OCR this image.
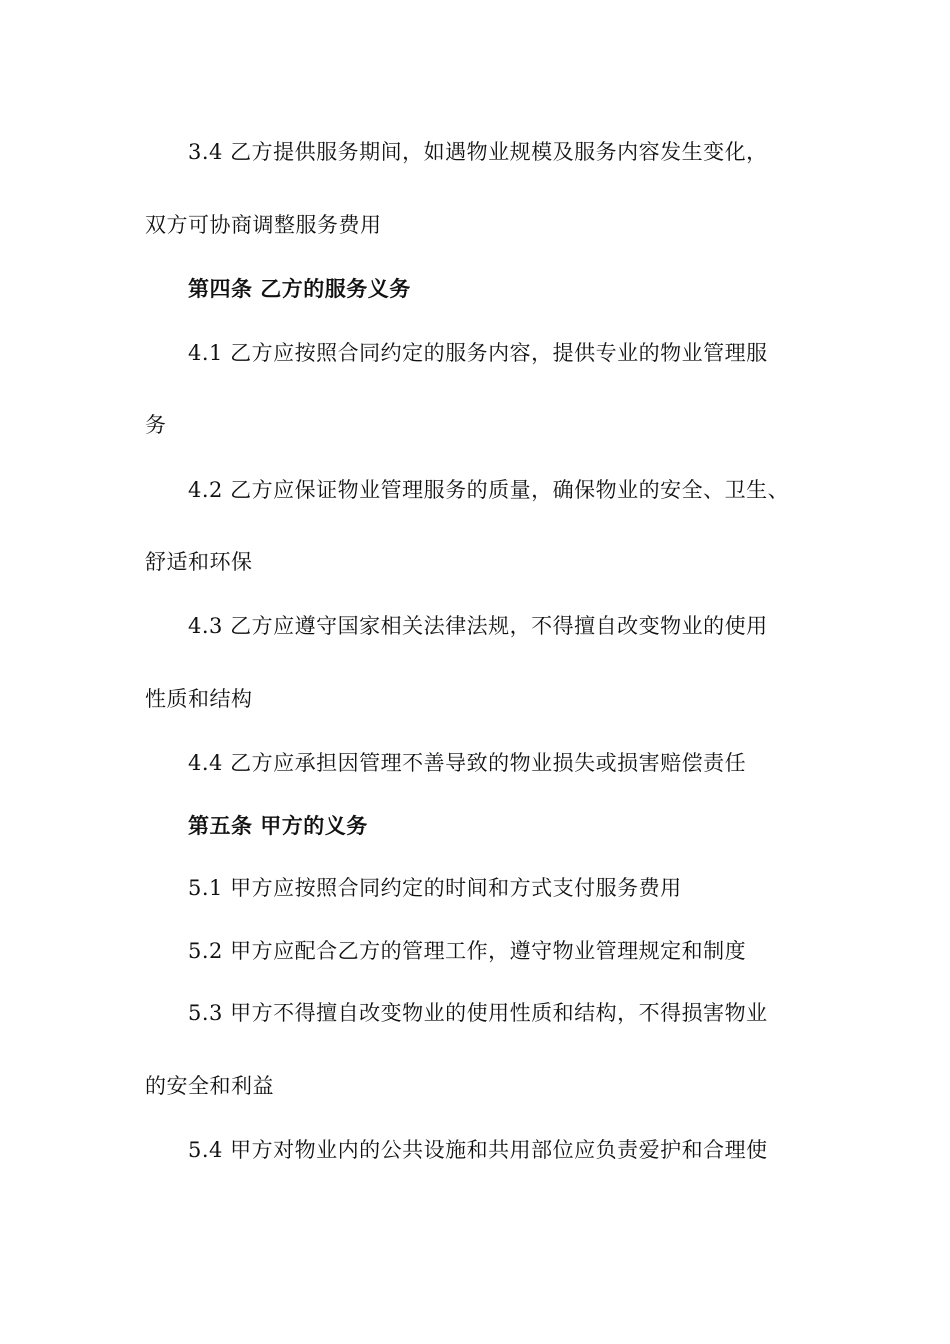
3.4 乙方提供服务期间，如遇物业规模及服务内容发生变化，
双方可协商调整服务费用
第四条 乙方的服务义务
4.1 乙方应按照合同约定的服务内容，提供专业的物业管理服
务
4.2 乙方应保证物业管理服务的质量，确保物业的安全、卫生、
舒适和环保
4.3 乙方应遵守国家相关法律法规，不得擅自改变物业的使用
性质和结构
4.4 乙方应承担因管理不善导致的物业损失或损害赔偿责任
第五条 甲方的义务
5.1 甲方应按照合同约定的时间和方式支付服务费用
5.2 甲方应配合乙方的管理工作，遵守物业管理规定和制度
5.3 甲方不得擅自改变物业的使用性质和结构，不得损害物业
的安全和利益
5.4 甲方对物业内的公共设施和共用部位应负责爱护和合理使
